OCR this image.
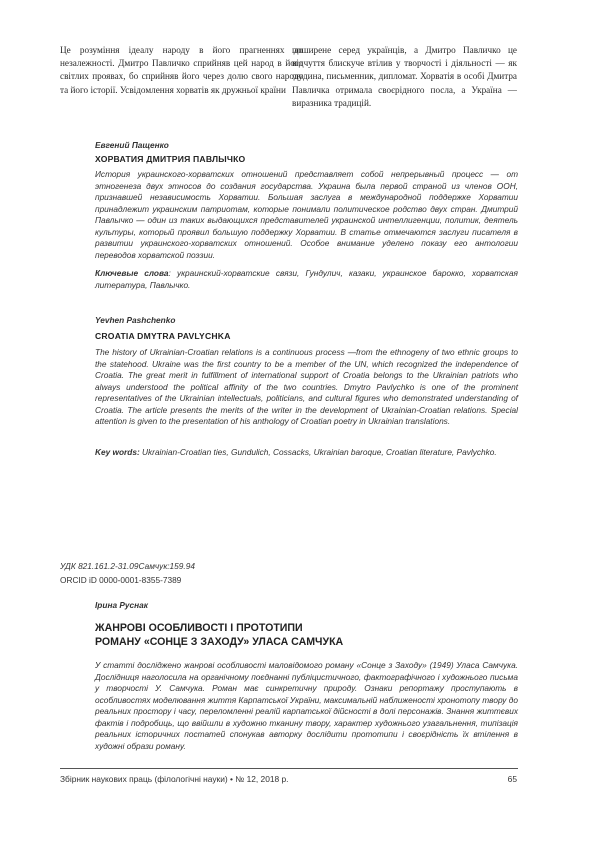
Це розуміння ідеалу народу в його прагненнях до незалежності. Дмитро Павличко сприйняв цей народ в його світлих проявах, бо сприйняв його через долю свого народу та його історії. Усвідомлення хорватів як дружньої країни
поширене серед українців, а Дмитро Павличко це відчуття блискуче втілив у творчості і діяльності — як людина, письменник, дипломат. Хорватія в особі Дмитра Павличка отримала своєрідного посла, а Україна — виразника традицій.
Евгений Пащенко
ХОРВАТИЯ ДМИТРИЯ ПАВЛЫЧКО
История украинского-хорватских отношений представляет собой непрерывный процесс — от этногенеза двух этносов до создания государства. Украина была первой страной из членов ООН, признавшей независимость Хорватии. Большая заслуга в международной поддержке Хорватии принадлежит украинским патриотам, которые понимали политическое родство двух стран. Дмитрий Павлычко — один из таких выдающихся представителей украинской интеллигенции, политик, деятель культуры, который проявил большую поддержку Хорватии. В статье отмечаются заслуги писателя в развитии украинского-хорватских отношений. Особое внимание уделено показу его антологии переводов хорватской поэзии.
Ключевые слова: украинский-хорватские связи, Гундулич, казаки, украинское барокко, хорватская литература, Павлычко.
Yevhen Pashchenko
CROATIA DMYTRA PAVLYCHKA
The history of Ukrainian-Croatian relations is a continuous process —from the ethnogeny of two ethnic groups to the statehood. Ukraine was the first country to be a member of the UN, which recognized the independence of Croatia. The great merit in fulfillment of international support of Croatia belongs to the Ukrainian patriots who always understood the political affinity of the two countries. Dmytro Pavlychko is one of the prominent representatives of the Ukrainian intellectuals, politicians, and cultural figures who demonstrated understanding of Croatia. The article presents the merits of the writer in the development of Ukrainian-Croatian relations. Special attention is given to the presentation of his anthology of Croatian poetry in Ukrainian translations.
Key words: Ukrainian-Croatian ties, Gundulich, Cossacks, Ukrainian baroque, Croatian literature, Pavlychko.
УДК 821.161.2-31.09Самчук:159.94
ORCID iD 0000-0001-8355-7389
Ірина Руснак
ЖАНРОВІ ОСОБЛИВОСТІ І ПРОТОТИПИ
РОМАНУ «СОНЦЕ З ЗАХОДУ» УЛАСА САМЧУКА
У статті досліджено жанрові особливості маловідомого роману «Сонце з Заходу» (1949) Уласа Самчука. Дослідниця наголосила на органічному поєднанні публіцистичного, фактографічного і художнього письма у творчості У. Самчука. Роман має синкретичну природу. Ознаки репортажу проступають в особливостях моделювання життя Карпатської України, максимальній наближеності хронотопу твору до реальних простору і часу, переломленні реалій карпатської дійсності в долі персонажів. Знання життєвих фактів і подробиць, що ввійшли в художню тканину твору, характер художнього узагальнення, типізація реальних історичних постатей спонукав авторку дослідити прототипи і своєрідність їх втілення в художні образи роману.
Збірник наукових праць (філологічні науки) • № 12, 2018 р.	65
